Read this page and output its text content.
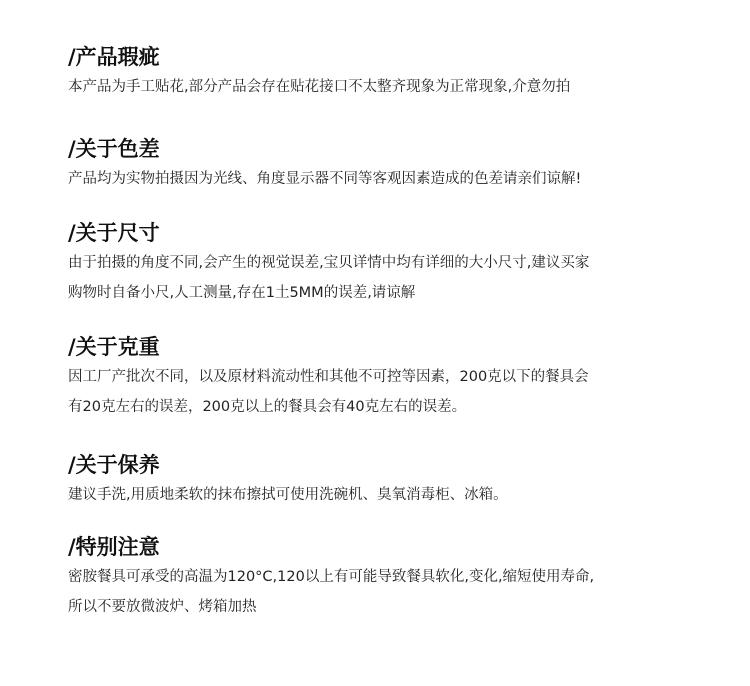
/产品瑕疵

本产品为手工贴花,部分产品会存在贴花接口不太整齐现象为正常现象,介意勿拍

/关于色差

产品均为实物拍摄因为光线、角度显示器不同等客观因素造成的色差请亲们谅解!

/关于尺寸

由于拍摄的角度不同,会产生的视觉误差,宝贝详情中均有详细的大小尺寸,建议买家

购物时自备小尺,人工测量,存在1土5MM的误差,请谅解

/关于克重

因工厂产批次不同，以及原材料流动性和其他不可控等因素，200克以下的餐具会

有20克左右的误差，200克以上的餐具会有40克左右的误差。

/关于保养

建议手洗,用质地柔软的抹布擦拭可使用洗碗机、臭氧消毒柜、冰箱。

/特别注意

密胺餐具可承受的高温为120°C,120以上有可能导致餐具软化,变化,缩短使用寿命,

所以不要放微波炉、烤箱加热
